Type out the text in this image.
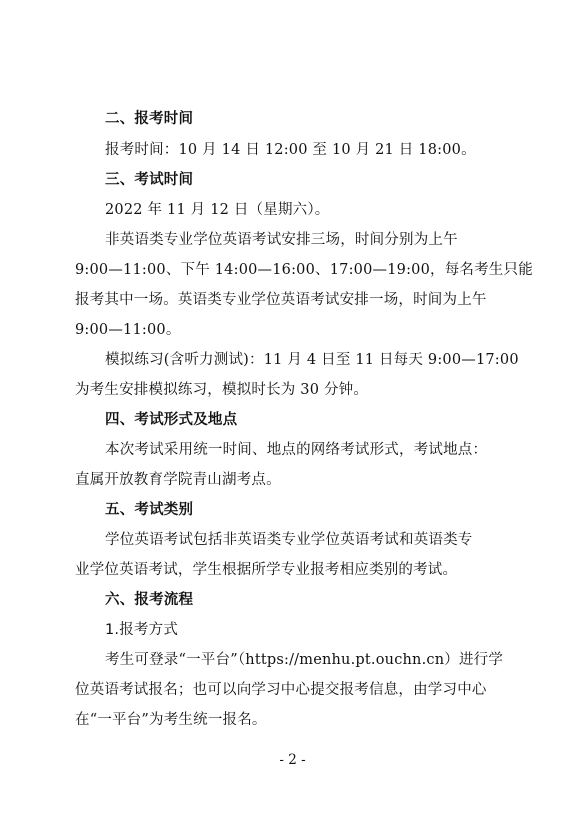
二、报考时间
报考时间：10 月 14 日 12:00 至 10 月 21 日 18:00。
三、考试时间
2022 年 11 月 12 日（星期六）。
非英语类专业学位英语考试安排三场，时间分别为上午
9:00—11:00、下午 14:00—16:00、17:00—19:00，每名考生只能
报考其中一场。英语类专业学位英语考试安排一场，时间为上午
9:00—11:00。
模拟练习(含听力测试)：11 月 4 日至 11 日每天 9:00—17:00
为考生安排模拟练习，模拟时长为 30 分钟。
四、考试形式及地点
本次考试采用统一时间、地点的网络考试形式，考试地点：
直属开放教育学院青山湖考点。
五、考试类别
学位英语考试包括非英语类专业学位英语考试和英语类专
业学位英语考试，学生根据所学专业报考相应类别的考试。
六、报考流程
1.报考方式
考生可登录“一平台”（https://menhu.pt.ouchn.cn）进行学
位英语考试报名；也可以向学习中心提交报考信息，由学习中心
在“一平台”为考生统一报名。
- 2 -
